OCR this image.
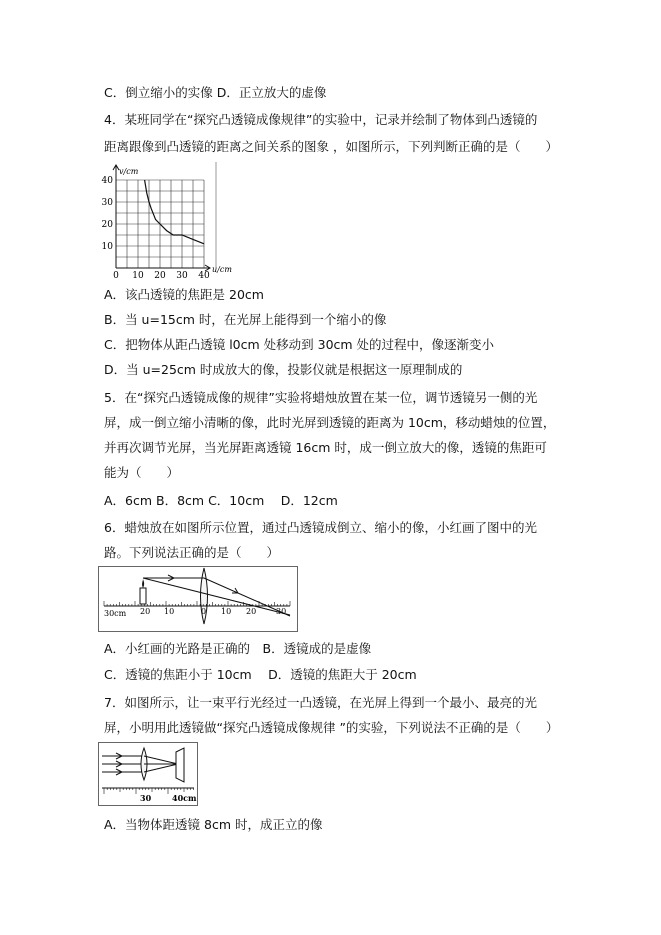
C．倒立缩小的实像 D．正立放大的虚像
4．某班同学在“探究凸透镜成像规律”的实验中，记录并绘制了物体到凸透镜的
距离跟像到凸透镜的距离之间关系的图象 ，如图所示，下列判断正确的是（　　）
v/cm
u/cm
40
30
20
10
0 10 20 30 40
A．该凸透镜的焦距是 20cm
B．当 u=15cm 时，在光屏上能得到一个缩小的像
C．把物体从距凸透镜 l0cm 处移动到 30cm 处的过程中，像逐渐变小
D．当 u=25cm 时成放大的像，投影仪就是根据这一原理制成的
5．在“探究凸透镜成像的规律”实验将蜡烛放置在某一位，调节透镜另一侧的光
屏，成一倒立缩小清晰的像，此时光屏到透镜的距离为 10cm，移动蜡烛的位置，
并再次调节光屏，当光屏距离透镜 16cm 时，成一倒立放大的像，透镜的焦距可
能为（　　）
A．6cm B．8cm C．10cm　 D．12cm
6．蜡烛放在如图所示位置，通过凸透镜成倒立、缩小的像，小红画了图中的光
路。下列说法正确的是（　　）
30cm 20 10	0 10 20 30
A．小红画的光路是正确的　B．透镜成的是虚像
C．透镜的焦距小于 10cm　 D．透镜的焦距大于 20cm
7．如图所示，让一束平行光经过一凸透镜，在光屏上得到一个最小、最亮的光
屏，小明用此透镜做“探究凸透镜成像规律 ”的实验，下列说法不正确的是（　　）
30	40cm
A．当物体距透镜 8cm 时，成正立的像
